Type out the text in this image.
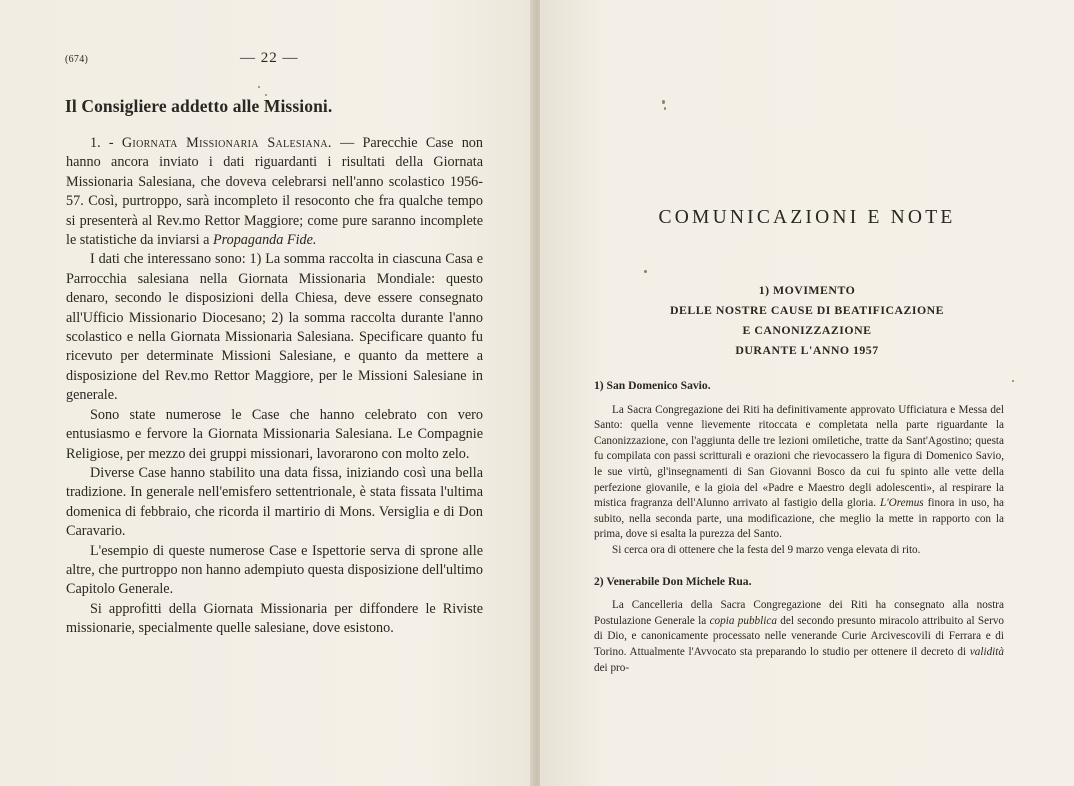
(674)	— 22 —
Il Consigliere addetto alle Missioni.

1. - Giornata Missionaria Salesiana. — Parecchie Case non hanno ancora inviato i dati riguardanti i risultati della Giornata Missionaria Salesiana, che doveva celebrarsi nell'anno scolastico 1956-57. Così, purtroppo, sarà incompleto il resoconto che fra qualche tempo si presenterà al Rev.mo Rettor Maggiore; come pure saranno incomplete le statistiche da inviarsi a Propaganda Fide.

I dati che interessano sono: 1) La somma raccolta in ciascuna Casa e Parrocchia salesiana nella Giornata Missionaria Mondiale: questo denaro, secondo le disposizioni della Chiesa, deve essere consegnato all'Ufficio Missionario Diocesano; 2) la somma raccolta durante l'anno scolastico e nella Giornata Missionaria Salesiana. Specificare quanto fu ricevuto per determinate Missioni Salesiane, e quanto da mettere a disposizione del Rev.mo Rettor Maggiore, per le Missioni Salesiane in generale.

Sono state numerose le Case che hanno celebrato con vero entusiasmo e fervore la Giornata Missionaria Salesiana. Le Compagnie Religiose, per mezzo dei gruppi missionari, lavorarono con molto zelo.

Diverse Case hanno stabilito una data fissa, iniziando così una bella tradizione. In generale nell'emisfero settentrionale, è stata fissata l'ultima domenica di febbraio, che ricorda il martirio di Mons. Versiglia e di Don Caravario.

L'esempio di queste numerose Case e Ispettorie serva di sprone alle altre, che purtroppo non hanno adempiuto questa disposizione dell'ultimo Capitolo Generale.

Si approfitti della Giornata Missionaria per diffondere le Riviste missionarie, specialmente quelle salesiane, dove esistono.

COMUNICAZIONI E NOTE
1) MOVIMENTO
DELLE NOSTRE CAUSE DI BEATIFICAZIONE
E CANONIZZAZIONE
DURANTE L'ANNO 1957
1) San Domenico Savio.

La Sacra Congregazione dei Riti ha definitivamente approvato Ufficiatura e Messa del Santo: quella venne lievemente ritoccata e completata nella parte riguardante la Canonizzazione, con l'aggiunta delle tre lezioni omiletiche, tratte da Sant'Agostino; questa fu compilata con passi scritturali e orazioni che rievocassero la figura di Domenico Savio, le sue virtù, gl'insegnamenti di San Giovanni Bosco da cui fu spinto alle vette della perfezione giovanile, e la gioia del «Padre e Maestro degli adolescenti», al respirare la mistica fragranza dell'Alunno arrivato al fastigio della gloria. L'Oremus finora in uso, ha subito, nella seconda parte, una modificazione, che meglio la mette in rapporto con la prima, dove si esalta la purezza del Santo.

Si cerca ora di ottenere che la festa del 9 marzo venga elevata di rito.

2) Venerabile Don Michele Rua.

La Cancelleria della Sacra Congregazione dei Riti ha consegnato alla nostra Postulazione Generale la copia pubblica del secondo presunto miracolo attribuito al Servo di Dio, e canonicamente processato nelle venerande Curie Arcivescovili di Ferrara e di Torino. Attualmente l'Avvocato sta preparando lo studio per ottenere il decreto di validità dei pro-
